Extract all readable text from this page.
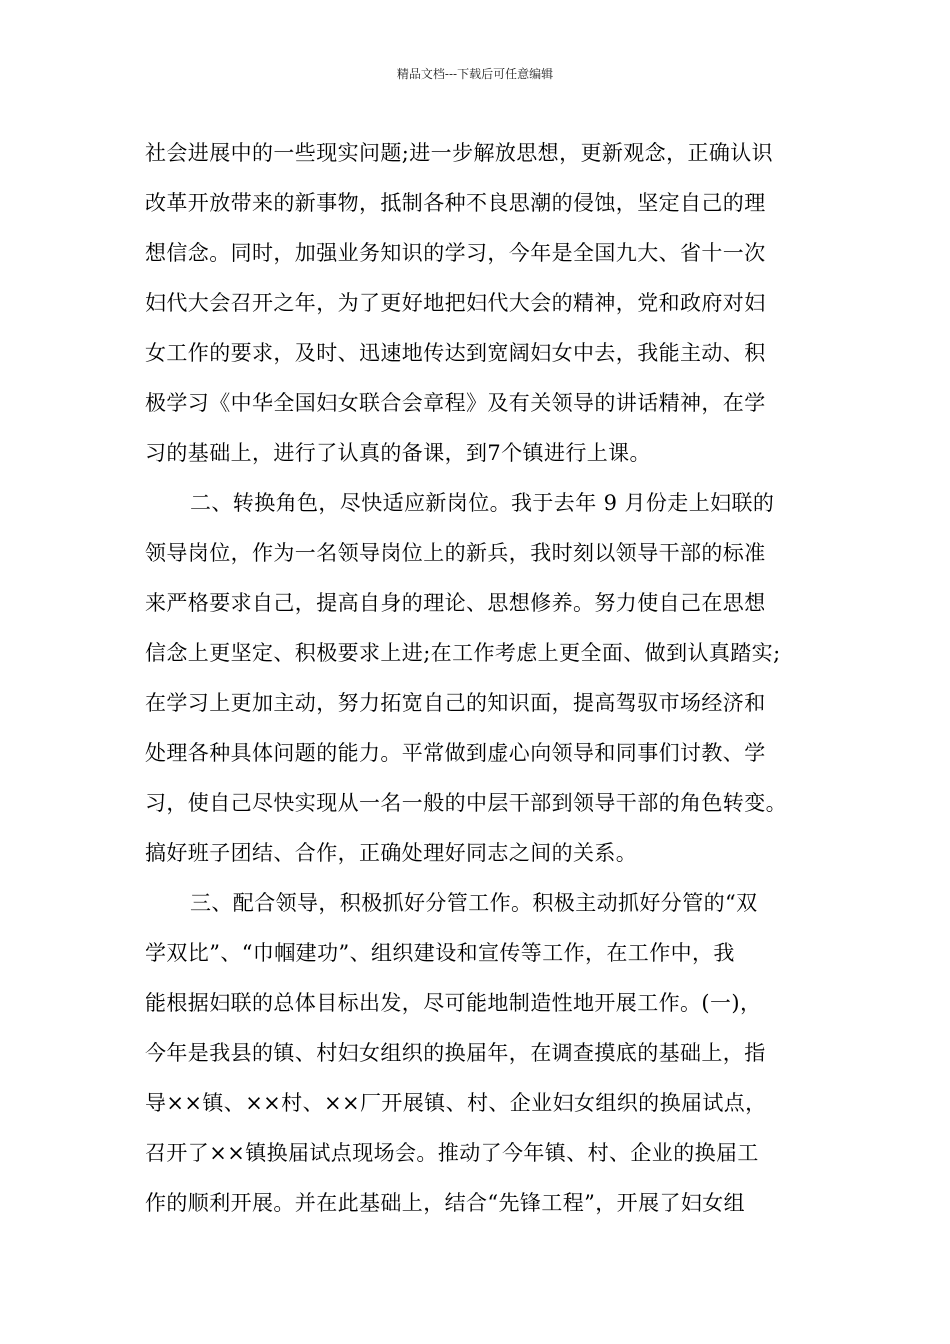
精品文档---下载后可任意编辑
社会进展中的一些现实问题;进一步解放思想，更新观念，正确认识
改革开放带来的新事物，抵制各种不良思潮的侵蚀，坚定自己的理
想信念。同时，加强业务知识的学习，今年是全国九大、省十一次
妇代大会召开之年，为了更好地把妇代大会的精神，党和政府对妇
女工作的要求，及时、迅速地传达到宽阔妇女中去，我能主动、积
极学习《中华全国妇女联合会章程》及有关领导的讲话精神，在学
习的基础上，进行了认真的备课，到7个镇进行上课。
二、转换角色，尽快适应新岗位。我于去年 9 月份走上妇联的
领导岗位，作为一名领导岗位上的新兵，我时刻以领导干部的标准
来严格要求自己，提高自身的理论、思想修养。努力使自己在思想
信念上更坚定、积极要求上进;在工作考虑上更全面、做到认真踏实;
在学习上更加主动，努力拓宽自己的知识面，提高驾驭市场经济和
处理各种具体问题的能力。平常做到虚心向领导和同事们讨教、学
习，使自己尽快实现从一名一般的中层干部到领导干部的角色转变。
搞好班子团结、合作，正确处理好同志之间的关系。
三、配合领导，积极抓好分管工作。积极主动抓好分管的“双
学双比”、“巾帼建功”、组织建设和宣传等工作，在工作中，我
能根据妇联的总体目标出发，尽可能地制造性地开展工作。(一)，
今年是我县的镇、村妇女组织的换届年，在调查摸底的基础上，指
导××镇、××村、××厂开展镇、村、企业妇女组织的换届试点，
召开了××镇换届试点现场会。推动了今年镇、村、企业的换届工
作的顺利开展。并在此基础上，结合“先锋工程”，开展了妇女组
